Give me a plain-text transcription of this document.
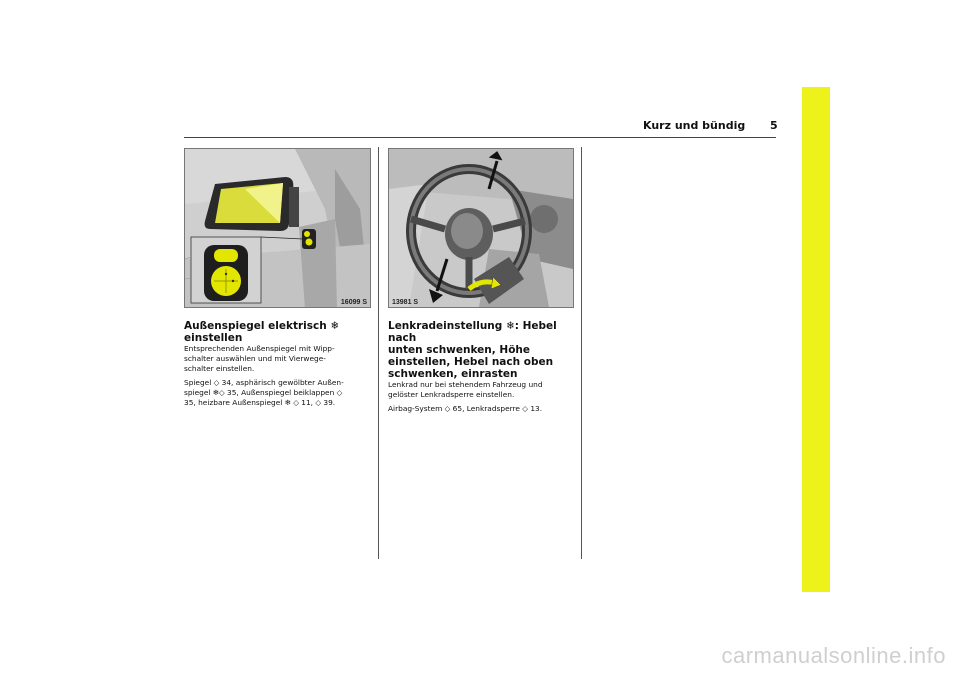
Kurz und bündig 5
16099 S	13981 S
Außenspiegel elektrisch ❄
einstellen

Entsprechenden Außenspiegel mit Wipp-
schalter auswählen und mit Vierwege-
schalter einstellen.

Spiegel ◇ 34, asphärisch gewölbter Außen-
spiegel ❄◇ 35, Außenspiegel beiklappen ◇
35, heizbare Außenspiegel ❄ ◇ 11, ◇ 39.

Lenkradeinstellung ❄: Hebel nach
unten schwenken, Höhe
einstellen, Hebel nach oben
schwenken, einrasten

Lenkrad nur bei stehendem Fahrzeug und
gelöster Lenkradsperre einstellen.

Airbag-System ◇ 65, Lenkradsperre ◇ 13.

carmanualsonline.info
